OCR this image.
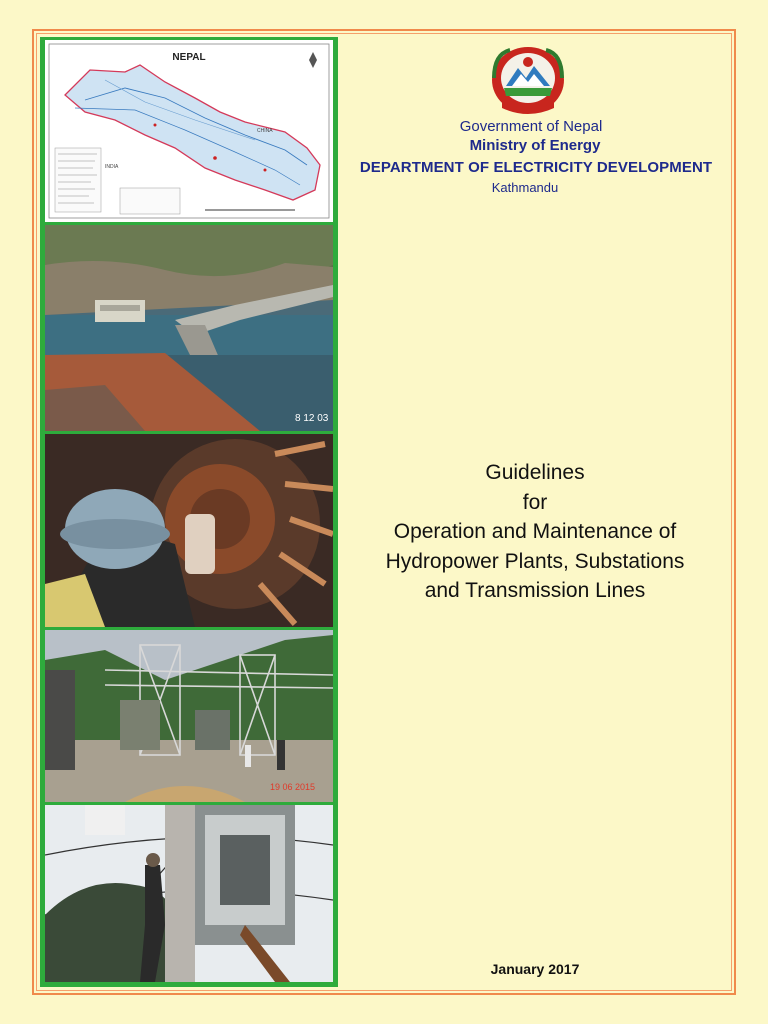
NEPAL
CHINA
INDIA
8 12 03
19 06 2015
Government of Nepal
Ministry of Energy
DEPARTMENT OF ELECTRICITY DEVELOPMENT
Kathmandu
Guidelines
for
Operation and Maintenance of
Hydropower Plants, Substations
and Transmission Lines
January 2017
